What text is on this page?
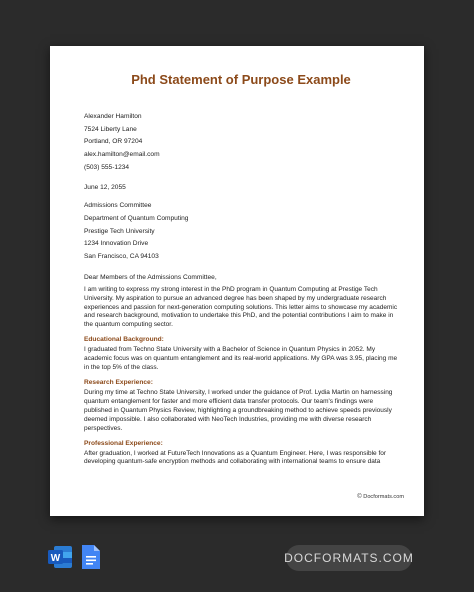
Phd Statement of Purpose Example
Alexander Hamilton
7524 Liberty Lane
Portland, OR 97204
alex.hamilton@email.com
(503) 555-1234
June 12, 2055
Admissions Committee
Department of Quantum Computing
Prestige Tech University
1234 Innovation Drive
San Francisco, CA 94103
Dear Members of the Admissions Committee,

I am writing to express my strong interest in the PhD program in Quantum Computing at Prestige Tech University. My aspiration to pursue an advanced degree has been shaped by my undergraduate research experiences and passion for next-generation computing solutions. This letter aims to showcase my academic and research background, motivation to undertake this PhD, and the potential contributions I aim to make in the quantum computing sector.

Educational Background:

I graduated from Techno State University with a Bachelor of Science in Quantum Physics in 2052. My academic focus was on quantum entanglement and its real-world applications. My GPA was 3.95, placing me in the top 5% of the class.

Research Experience:

During my time at Techno State University, I worked under the guidance of Prof. Lydia Martin on harnessing quantum entanglement for faster and more efficient data transfer protocols. Our team's findings were published in Quantum Physics Review, highlighting a groundbreaking method to achieve speeds previously deemed impossible. I also collaborated with NeoTech Industries, providing me with diverse research perspectives.

Professional Experience:

After graduation, I worked at FutureTech Innovations as a Quantum Engineer. Here, I was responsible for developing quantum-safe encryption methods and collaborating with international teams to ensure data

© Docformats.com
W	DOCFORMATS.COM
